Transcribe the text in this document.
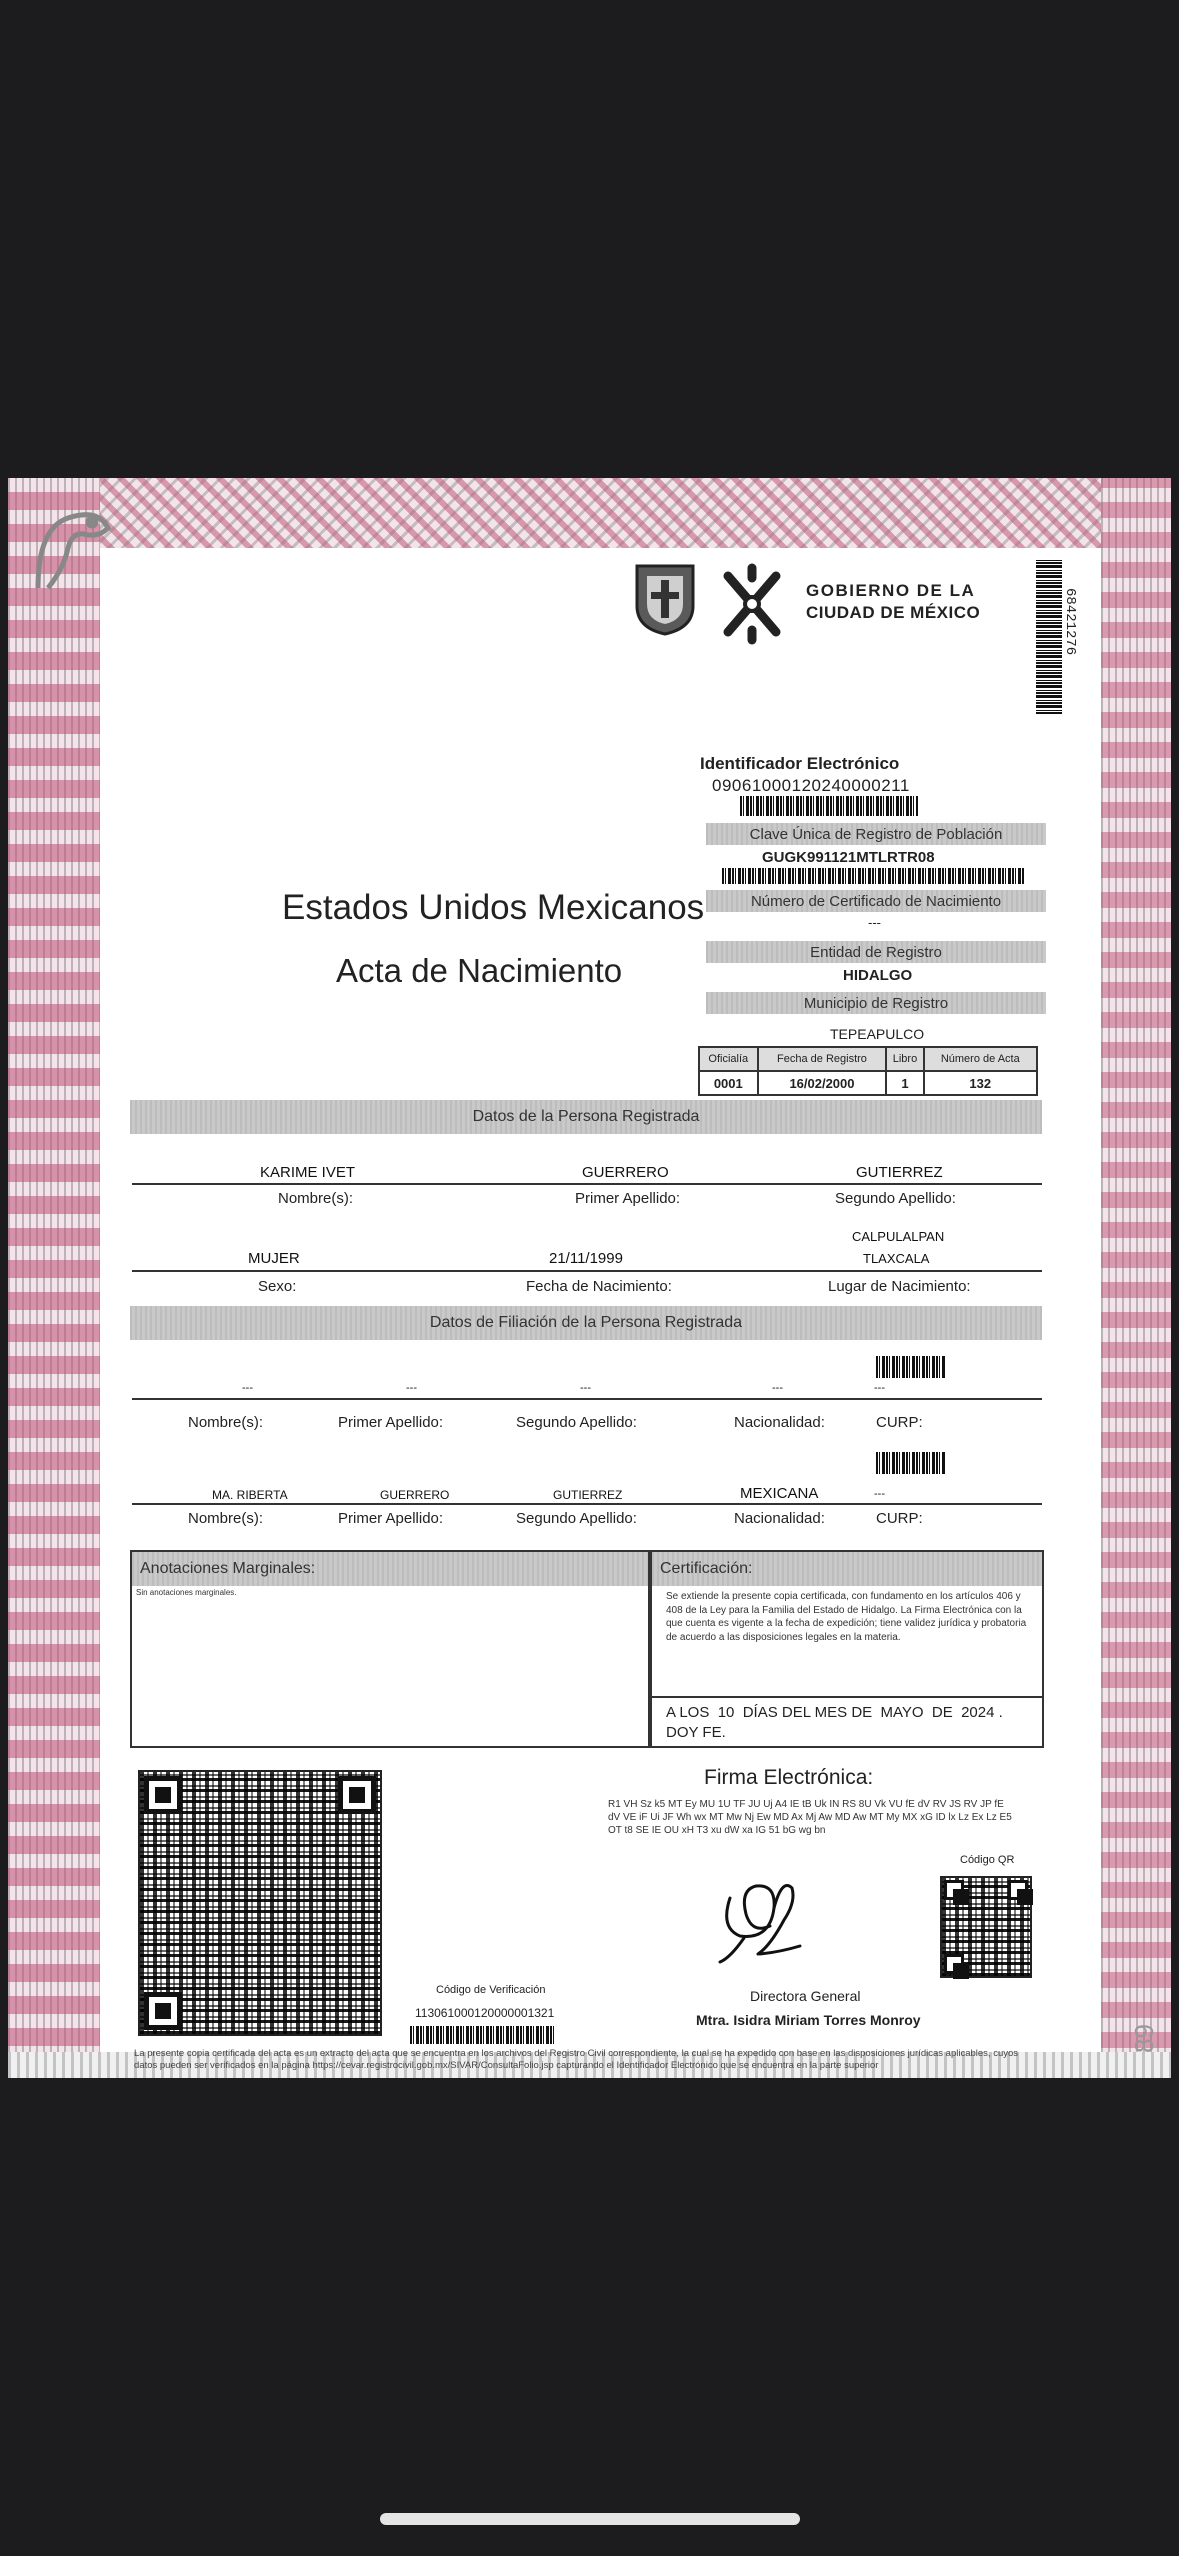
GOBIERNO DE LA
CIUDAD DE MÉXICO	68421276
Identificador Electrónico
09061000120240000211
Clave Única de Registro de Población
GUGK991121MTLRTR08
Número de Certificado de Nacimiento
---
Entidad de Registro
HIDALGO
Municipio de Registro
TEPEAPULCO
Oficialía	Fecha de Registro	Libro	Número de Acta
0001	16/02/2000	1	132
Estados Unidos Mexicanos
Acta de Nacimiento
Datos de la Persona Registrada
KARIME IVET	GUERRERO	GUTIERREZ
Nombre(s):	Primer Apellido:	Segundo Apellido:
CALPULALPAN
MUJER	21/11/1999	TLAXCALA
Sexo:	Fecha de Nacimiento:	Lugar de Nacimiento:
Datos de Filiación de la Persona Registrada
---	---	---	---	---
Nombre(s):	Primer Apellido:	Segundo Apellido:	Nacionalidad:	CURP:
MA. RIBERTA	GUERRERO	GUTIERREZ	MEXICANA	---
Nombre(s):	Primer Apellido:	Segundo Apellido:	Nacionalidad:	CURP:
Anotaciones Marginales:
Sin anotaciones marginales.
Certificación:
Se extiende la presente copia certificada, con fundamento en los artículos 406 y 408 de la Ley para la Familia del Estado de Hidalgo. La Firma Electrónica con la que cuenta es vigente a la fecha de expedición; tiene validez jurídica y probatoria de acuerdo a las disposiciones legales en la materia.
A LOS  10  DÍAS DEL MES DE  MAYO  DE  2024 .
DOY FE.
Código de Verificación
113061000120000001321
Firma Electrónica:
R1 VH Sz k5 MT Ey MU 1U TF JU Uj A4 IE tB Uk IN RS 8U Vk VU fE dV RV JS RV JP fE dV VE iF Ui JF Wh wx MT Mw Nj Ew MD Ax Mj Aw MD Aw MT My MX xG ID lx Lz Ex Lz E5 OT t8 SE IE OU xH T3 xu dW xa IG 51 bG wg bn
Código QR
Directora General
Mtra. Isidra Miriam Torres Monroy
La presente copia certificada del acta es un extracto del acta que se encuentra en los archivos del Registro Civil correspondiente, la cual se ha expedido con base en las disposiciones jurídicas aplicables, cuyos datos pueden ser verificados en la página https://cevar.registrocivil.gob.mx/SIVAR/ConsultaFolio.jsp capturando el Identificador Electrónico que se encuentra en la parte superior
89
